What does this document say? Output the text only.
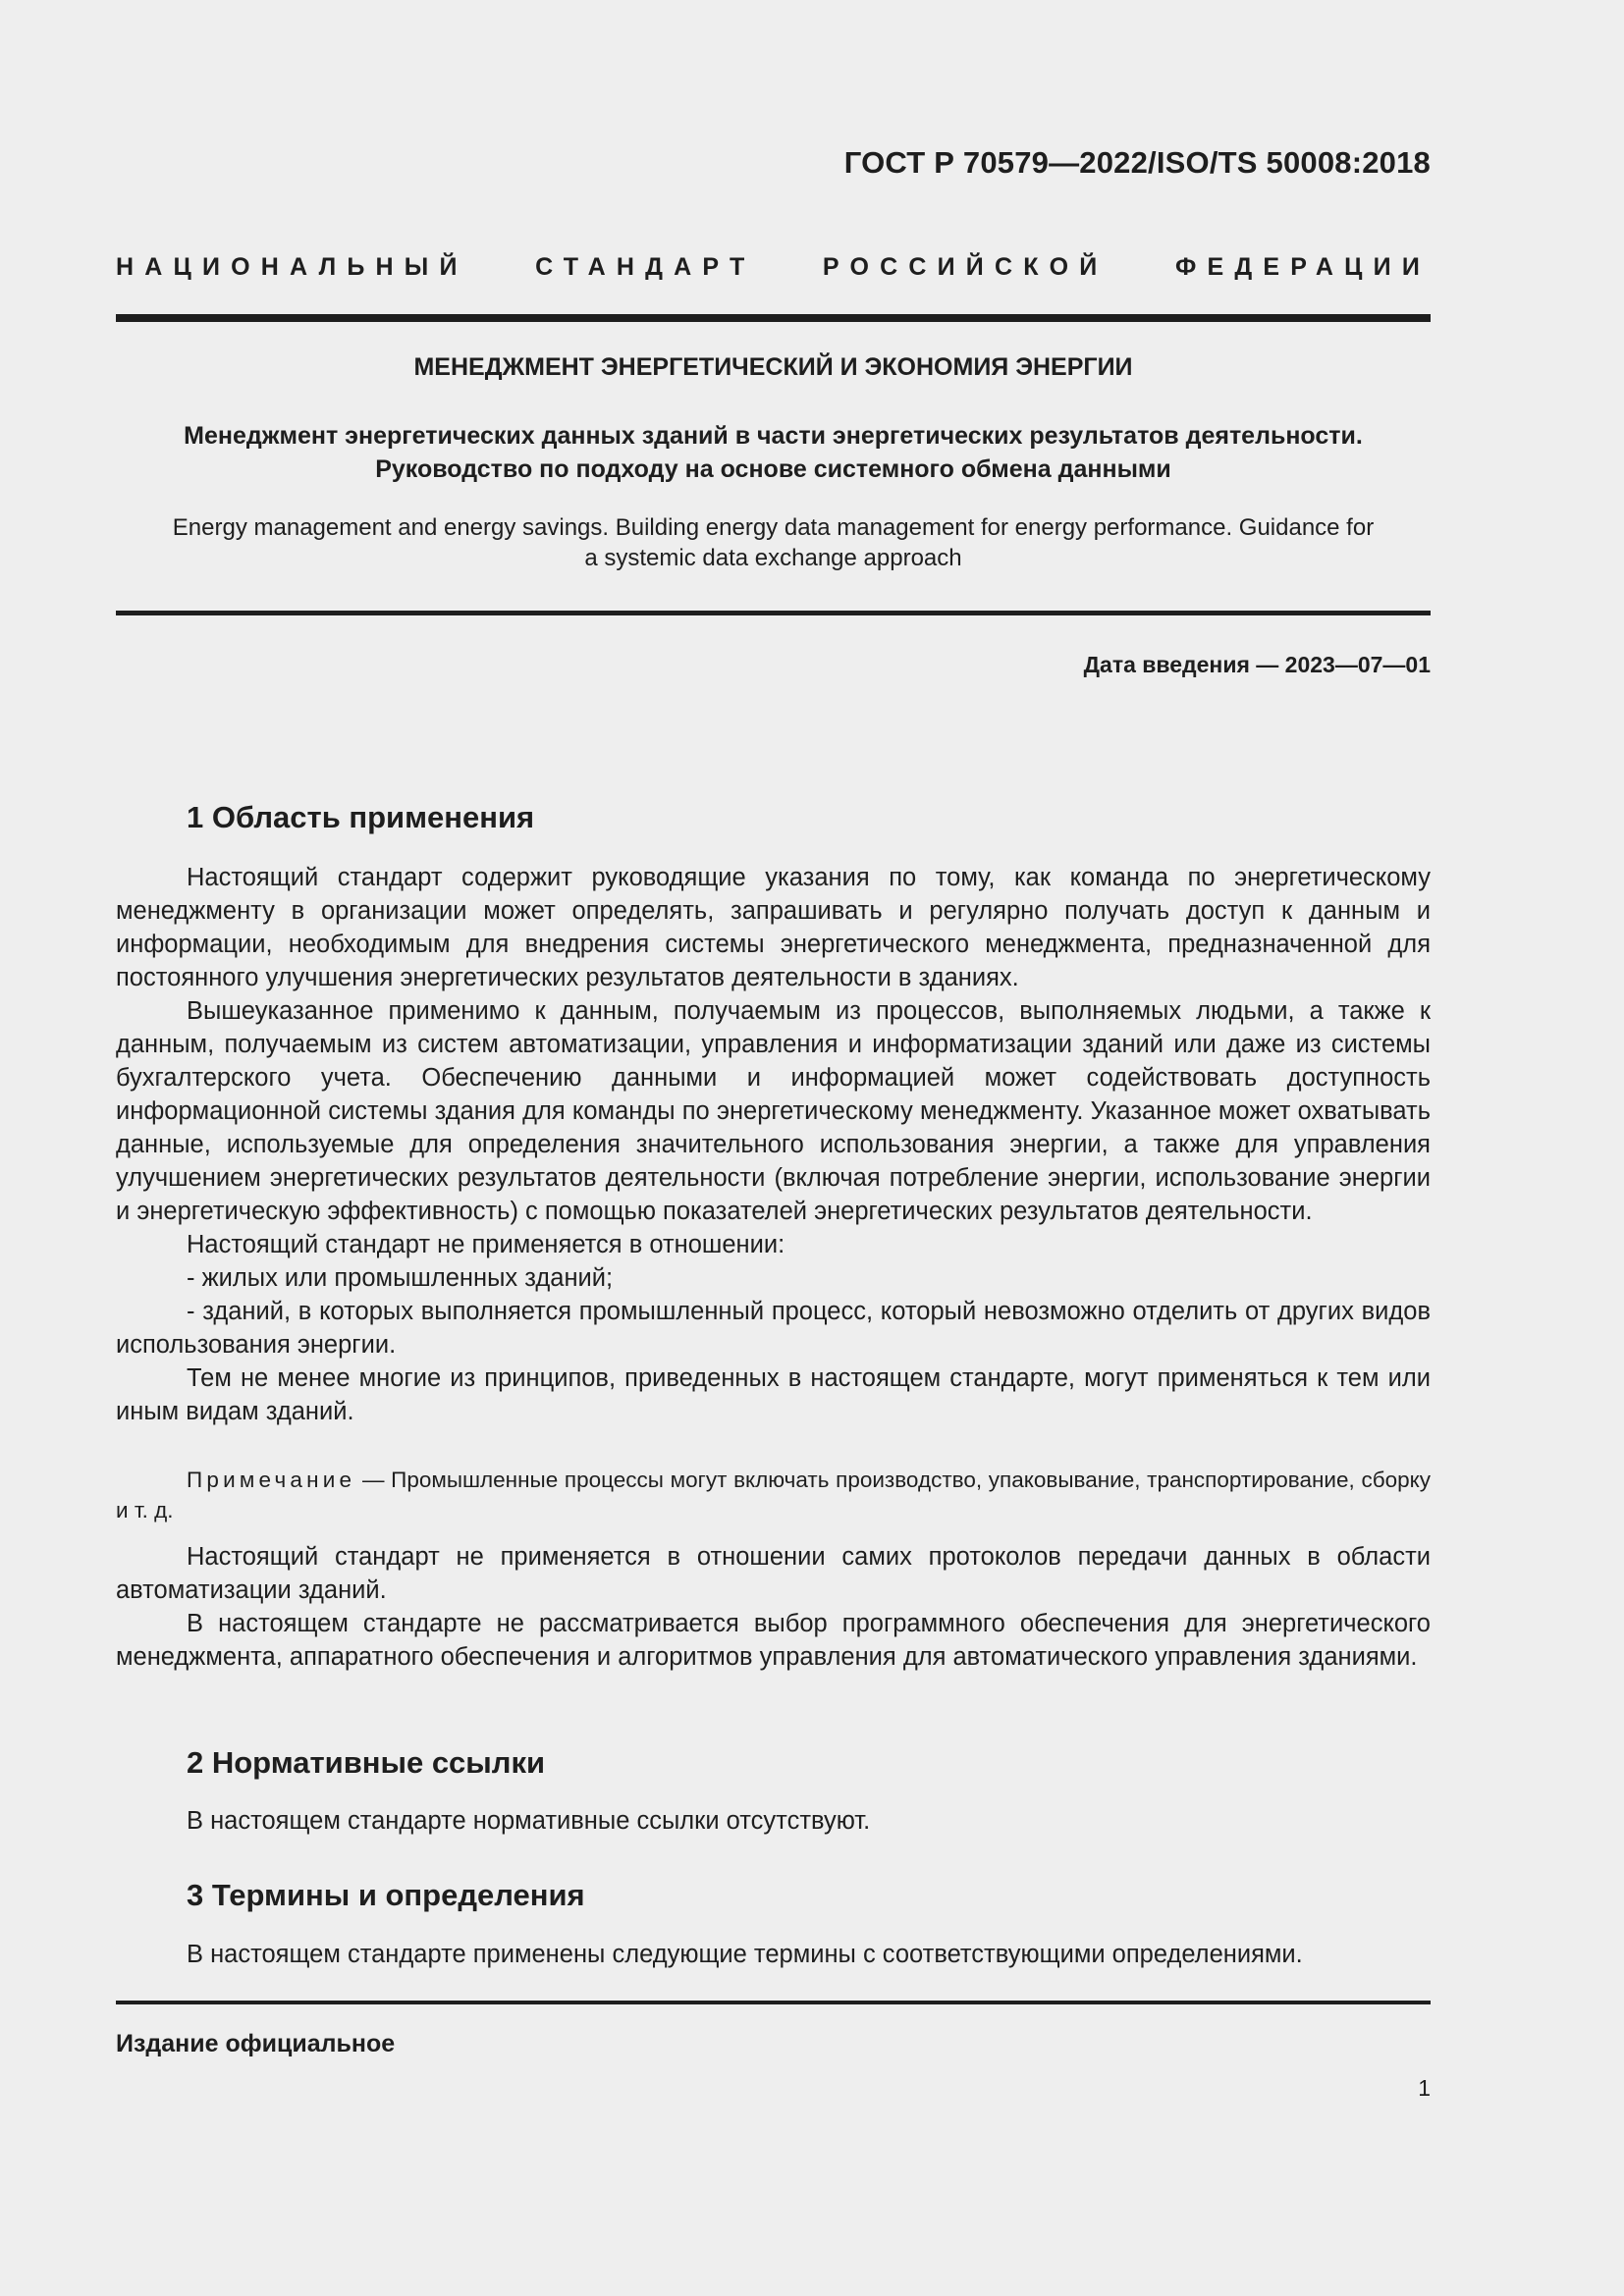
ГОСТ Р 70579—2022/ISO/TS 50008:2018
НАЦИОНАЛЬНЫЙ СТАНДАРТ РОССИЙСКОЙ ФЕДЕРАЦИИ
МЕНЕДЖМЕНТ ЭНЕРГЕТИЧЕСКИЙ И ЭКОНОМИЯ ЭНЕРГИИ
Менеджмент энергетических данных зданий в части энергетических результатов деятельности.
Руководство по подходу на основе системного обмена данными
Energy management and energy savings. Building energy data management for energy performance. Guidance for
a systemic data exchange approach
Дата введения — 2023—07—01
1 Область применения

Настоящий стандарт содержит руководящие указания по тому, как команда по энергетическому менеджменту в организации может определять, запрашивать и регулярно получать доступ к данным и информации, необходимым для внедрения системы энергетического менеджмента, предназначенной для постоянного улучшения энергетических результатов деятельности в зданиях.

Вышеуказанное применимо к данным, получаемым из процессов, выполняемых людьми, а также к данным, получаемым из систем автоматизации, управления и информатизации зданий или даже из системы бухгалтерского учета. Обеспечению данными и информацией может содействовать доступность информационной системы здания для команды по энергетическому менеджменту. Указанное может охватывать данные, используемые для определения значительного использования энергии, а также для управления улучшением энергетических результатов деятельности (включая потребление энергии, использование энергии и энергетическую эффективность) с помощью показателей энергетических результатов деятельности.

Настоящий стандарт не применяется в отношении:

- жилых или промышленных зданий;

- зданий, в которых выполняется промышленный процесс, который невозможно отделить от других видов использования энергии.

Тем не менее многие из принципов, приведенных в настоящем стандарте, могут применяться к тем или иным видам зданий.

Примечание — Промышленные процессы могут включать производство, упаковывание, транспортирование, сборку и т. д.

Настоящий стандарт не применяется в отношении самих протоколов передачи данных в области автоматизации зданий.

В настоящем стандарте не рассматривается выбор программного обеспечения для энергетического менеджмента, аппаратного обеспечения и алгоритмов управления для автоматического управления зданиями.

2 Нормативные ссылки

В настоящем стандарте нормативные ссылки отсутствуют.

3 Термины и определения

В настоящем стандарте применены следующие термины с соответствующими определениями.

Издание официальное
1
